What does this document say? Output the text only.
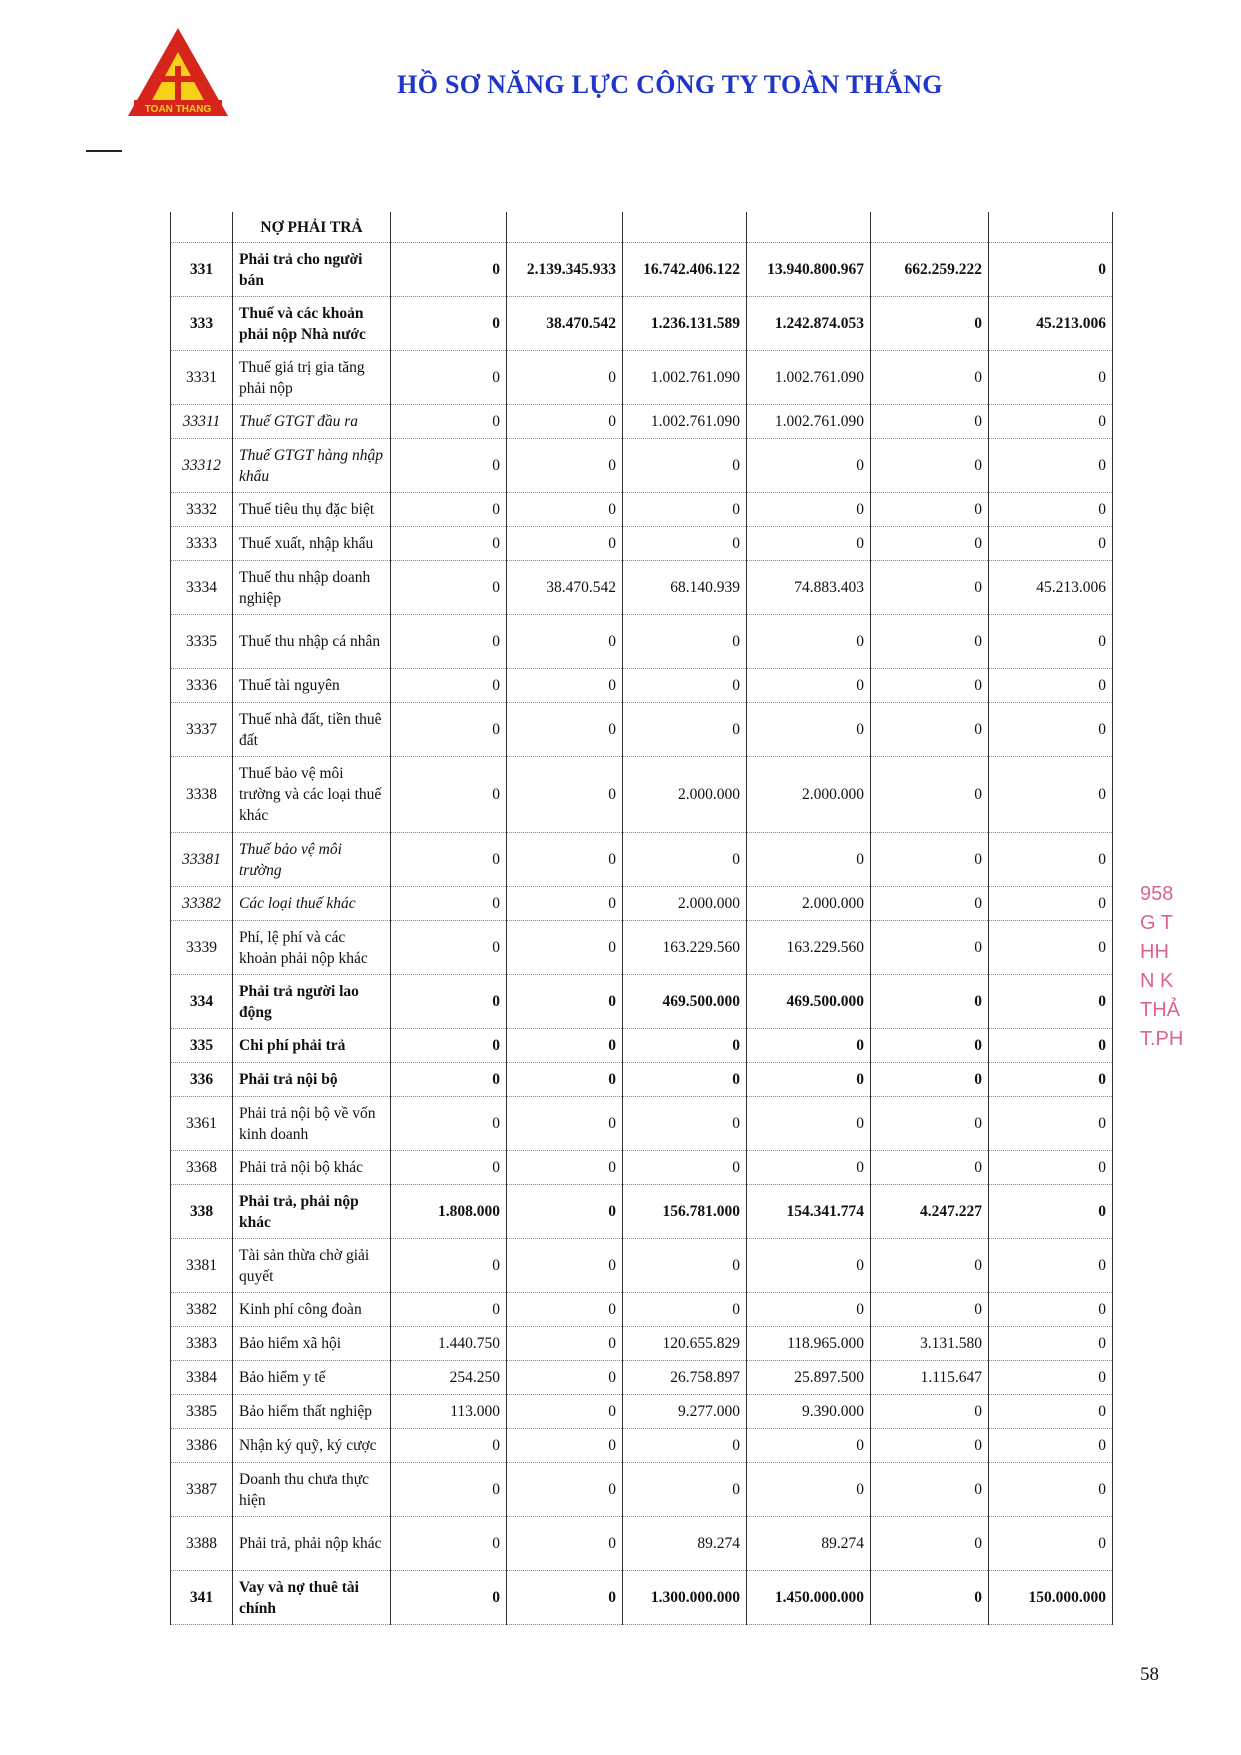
TOAN THANG
HỒ SƠ NĂNG LỰC CÔNG TY TOÀN THẮNG
	NỢ PHẢI TRẢ						
331	Phải trả cho người bán	0	2.139.345.933	16.742.406.122	13.940.800.967	662.259.222	0
333	Thuế và các khoản phải nộp Nhà nước	0	38.470.542	1.236.131.589	1.242.874.053	0	45.213.006
3331	Thuế giá trị gia tăng phải nộp	0	0	1.002.761.090	1.002.761.090	0	0
33311	Thuế GTGT đầu ra	0	0	1.002.761.090	1.002.761.090	0	0
33312	Thuế GTGT hàng nhập khẩu	0	0	0	0	0	0
3332	Thuế tiêu thụ đặc biệt	0	0	0	0	0	0
3333	Thuế xuất, nhập khẩu	0	0	0	0	0	0
3334	Thuế thu nhập doanh nghiệp	0	38.470.542	68.140.939	74.883.403	0	45.213.006
3335	Thuế thu nhập cá nhân	0	0	0	0	0	0
3336	Thuế tài nguyên	0	0	0	0	0	0
3337	Thuế nhà đất, tiền thuê đất	0	0	0	0	0	0
3338	Thuế bảo vệ môi trường và các loại thuế khác	0	0	2.000.000	2.000.000	0	0
33381	Thuế bảo vệ môi trường	0	0	0	0	0	0
33382	Các loại thuế khác	0	0	2.000.000	2.000.000	0	0
3339	Phí, lệ phí và các khoản phải nộp khác	0	0	163.229.560	163.229.560	0	0
334	Phải trả người lao động	0	0	469.500.000	469.500.000	0	0
335	Chi phí phải trả	0	0	0	0	0	0
336	Phải trả nội bộ	0	0	0	0	0	0
3361	Phải trả nội bộ về vốn kinh doanh	0	0	0	0	0	0
3368	Phải trả nội bộ khác	0	0	0	0	0	0
338	Phải trả, phải nộp khác	1.808.000	0	156.781.000	154.341.774	4.247.227	0
3381	Tài sản thừa chờ giải quyết	0	0	0	0	0	0
3382	Kinh phí công đoàn	0	0	0	0	0	0
3383	Bảo hiểm xã hội	1.440.750	0	120.655.829	118.965.000	3.131.580	0
3384	Bảo hiểm y tế	254.250	0	26.758.897	25.897.500	1.115.647	0
3385	Bảo hiểm thất nghiệp	113.000	0	9.277.000	9.390.000	0	0
3386	Nhận ký quỹ, ký cược	0	0	0	0	0	0
3387	Doanh thu chưa thực hiện	0	0	0	0	0	0
3388	Phải trả, phải nộp khác	0	0	89.274	89.274	0	0
341	Vay và nợ thuê tài chính	0	0	1.300.000.000	1.450.000.000	0	150.000.000
958
G T
HH
N K
THẢ
T.PH
58
